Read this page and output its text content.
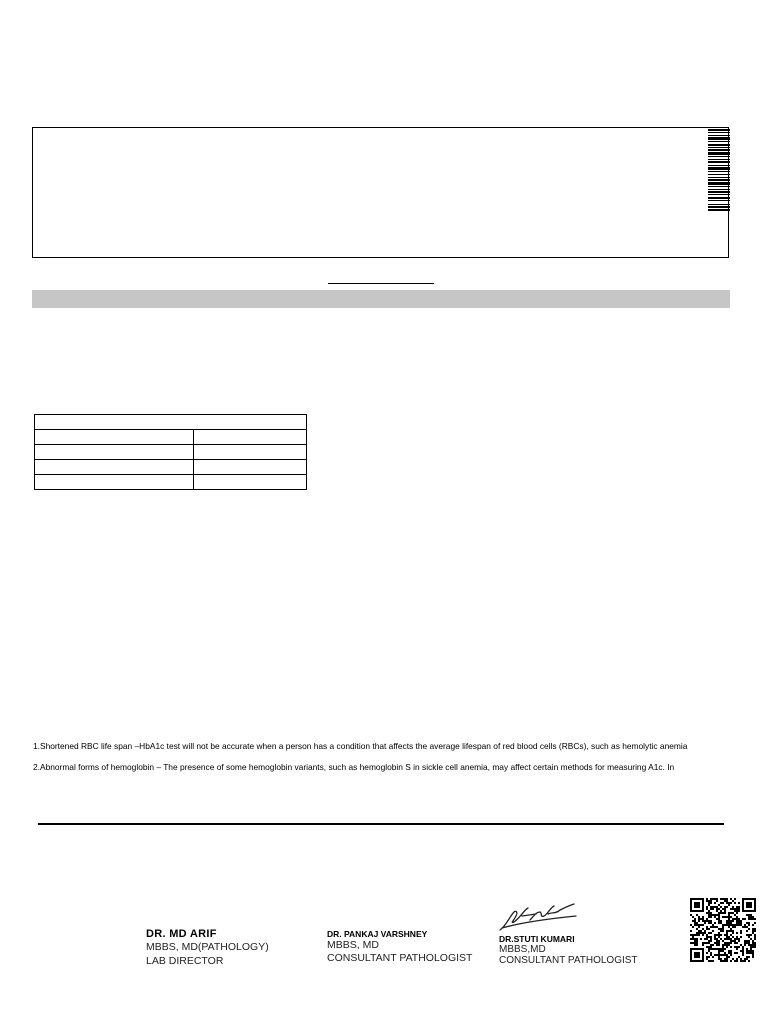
1.Shortened RBC life span –HbA1c test will not be accurate when a person has a condition that affects the average lifespan of red blood cells (RBCs), such as hemolytic anemia
2.Abnormal forms of hemoglobin – The presence of some hemoglobin variants, such as hemoglobin S in sickle cell anemia, may affect certain methods for measuring A1c. In
DR. MD ARIF
MBBS, MD(PATHOLOGY)
LAB DIRECTOR
DR. PANKAJ VARSHNEY
MBBS, MD
CONSULTANT PATHOLOGIST
DR.STUTI KUMARI
MBBS,MD
CONSULTANT PATHOLOGIST
